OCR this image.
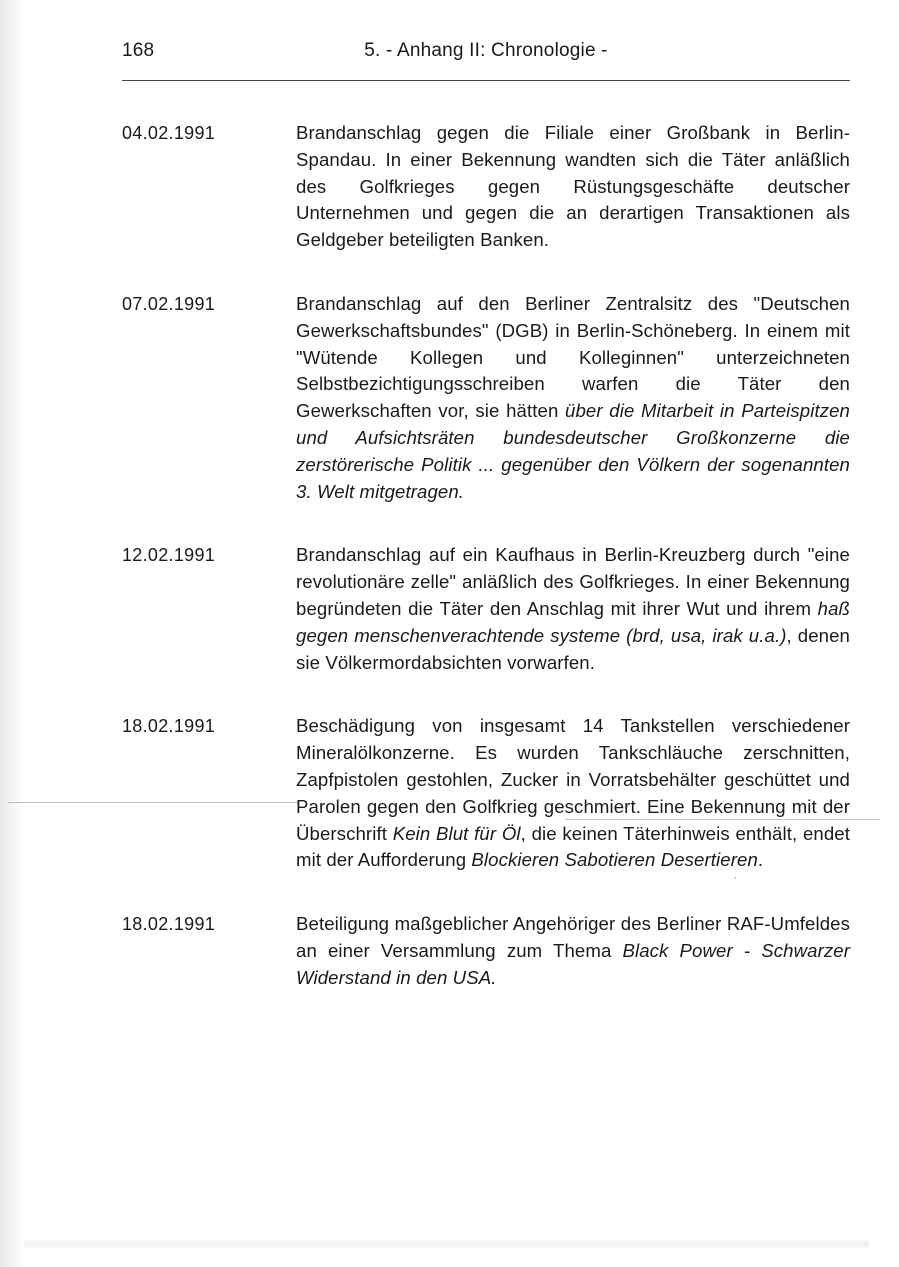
168	5. - Anhang II: Chronologie -
04.02.1991	Brandanschlag gegen die Filiale einer Großbank in Berlin-Spandau. In einer Bekennung wandten sich die Täter anläßlich des Golfkrieges gegen Rüstungsgeschäfte deutscher Unternehmen und gegen die an derartigen Transaktionen als Geldgeber beteiligten Banken.
07.02.1991	Brandanschlag auf den Berliner Zentralsitz des "Deutschen Gewerkschaftsbundes" (DGB) in Berlin-Schöneberg. In einem mit "Wütende Kollegen und Kolleginnen" unterzeichneten Selbstbezichtigungsschreiben warfen die Täter den Gewerkschaften vor, sie hätten über die Mitarbeit in Parteispitzen und Aufsichtsräten bundesdeutscher Großkonzerne die zerstörerische Politik ... gegenüber den Völkern der sogenannten 3. Welt mitgetragen.
12.02.1991	Brandanschlag auf ein Kaufhaus in Berlin-Kreuzberg durch "eine revolutionäre zelle" anläßlich des Golfkrieges. In einer Bekennung begründeten die Täter den Anschlag mit ihrer Wut und ihrem haß gegen menschenverachtende systeme (brd, usa, irak u.a.), denen sie Völkermordabsichten vorwarfen.
18.02.1991	Beschädigung von insgesamt 14 Tankstellen verschiedener Mineralölkonzerne. Es wurden Tankschläuche zerschnitten, Zapfpistolen gestohlen, Zucker in Vorratsbehälter geschüttet und Parolen gegen den Golfkrieg geschmiert. Eine Bekennung mit der Überschrift Kein Blut für Öl, die keinen Täterhinweis enthält, endet mit der Aufforderung Blockieren Sabotieren Desertieren.
18.02.1991	Beteiligung maßgeblicher Angehöriger des Berliner RAF-Umfeldes an einer Versammlung zum Thema Black Power - Schwarzer Widerstand in den USA.
